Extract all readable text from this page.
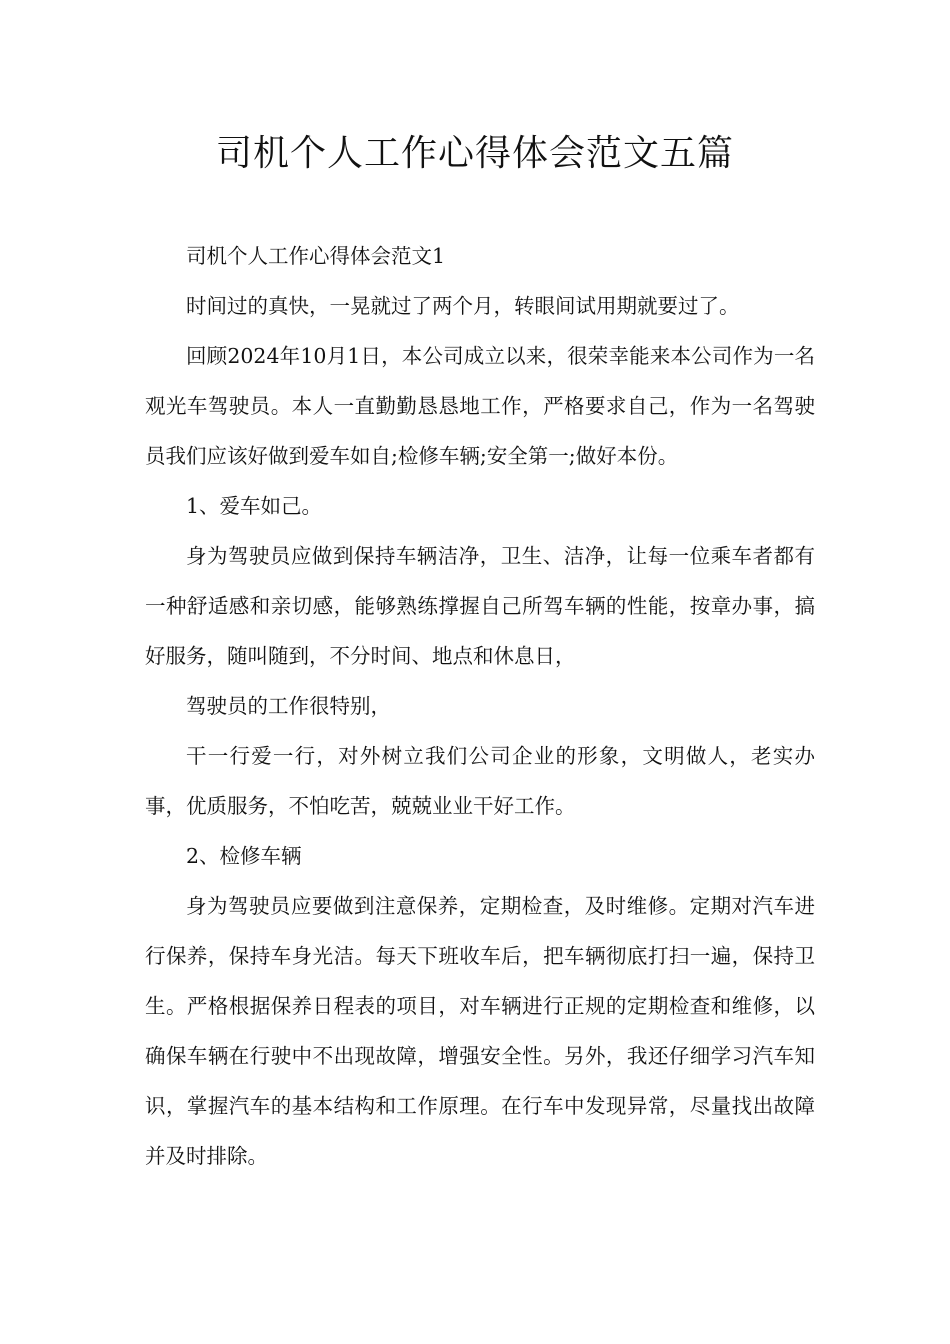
司机个人工作心得体会范文五篇

司机个人工作心得体会范文1

时间过的真快，一晃就过了两个月，转眼间试用期就要过了。

回顾2024年10月1日，本公司成立以来，很荣幸能来本公司作为一名观光车驾驶员。本人一直勤勤恳恳地工作，严格要求自己，作为一名驾驶员我们应该好做到爱车如自;检修车辆;安全第一;做好本份。

1、爱车如己。

身为驾驶员应做到保持车辆洁净，卫生、洁净，让每一位乘车者都有一种舒适感和亲切感，能够熟练撑握自己所驾车辆的性能，按章办事，搞好服务，随叫随到，不分时间、地点和休息日，

驾驶员的工作很特别，

干一行爱一行，对外树立我们公司企业的形象，文明做人，老实办事，优质服务，不怕吃苦，兢兢业业干好工作。

2、检修车辆

身为驾驶员应要做到注意保养，定期检查，及时维修。定期对汽车进行保养，保持车身光洁。每天下班收车后，把车辆彻底打扫一遍，保持卫生。严格根据保养日程表的项目，对车辆进行正规的定期检查和维修，以确保车辆在行驶中不出现故障，增强安全性。另外，我还仔细学习汽车知识，掌握汽车的基本结构和工作原理。在行车中发现异常，尽量找出故障并及时排除。
